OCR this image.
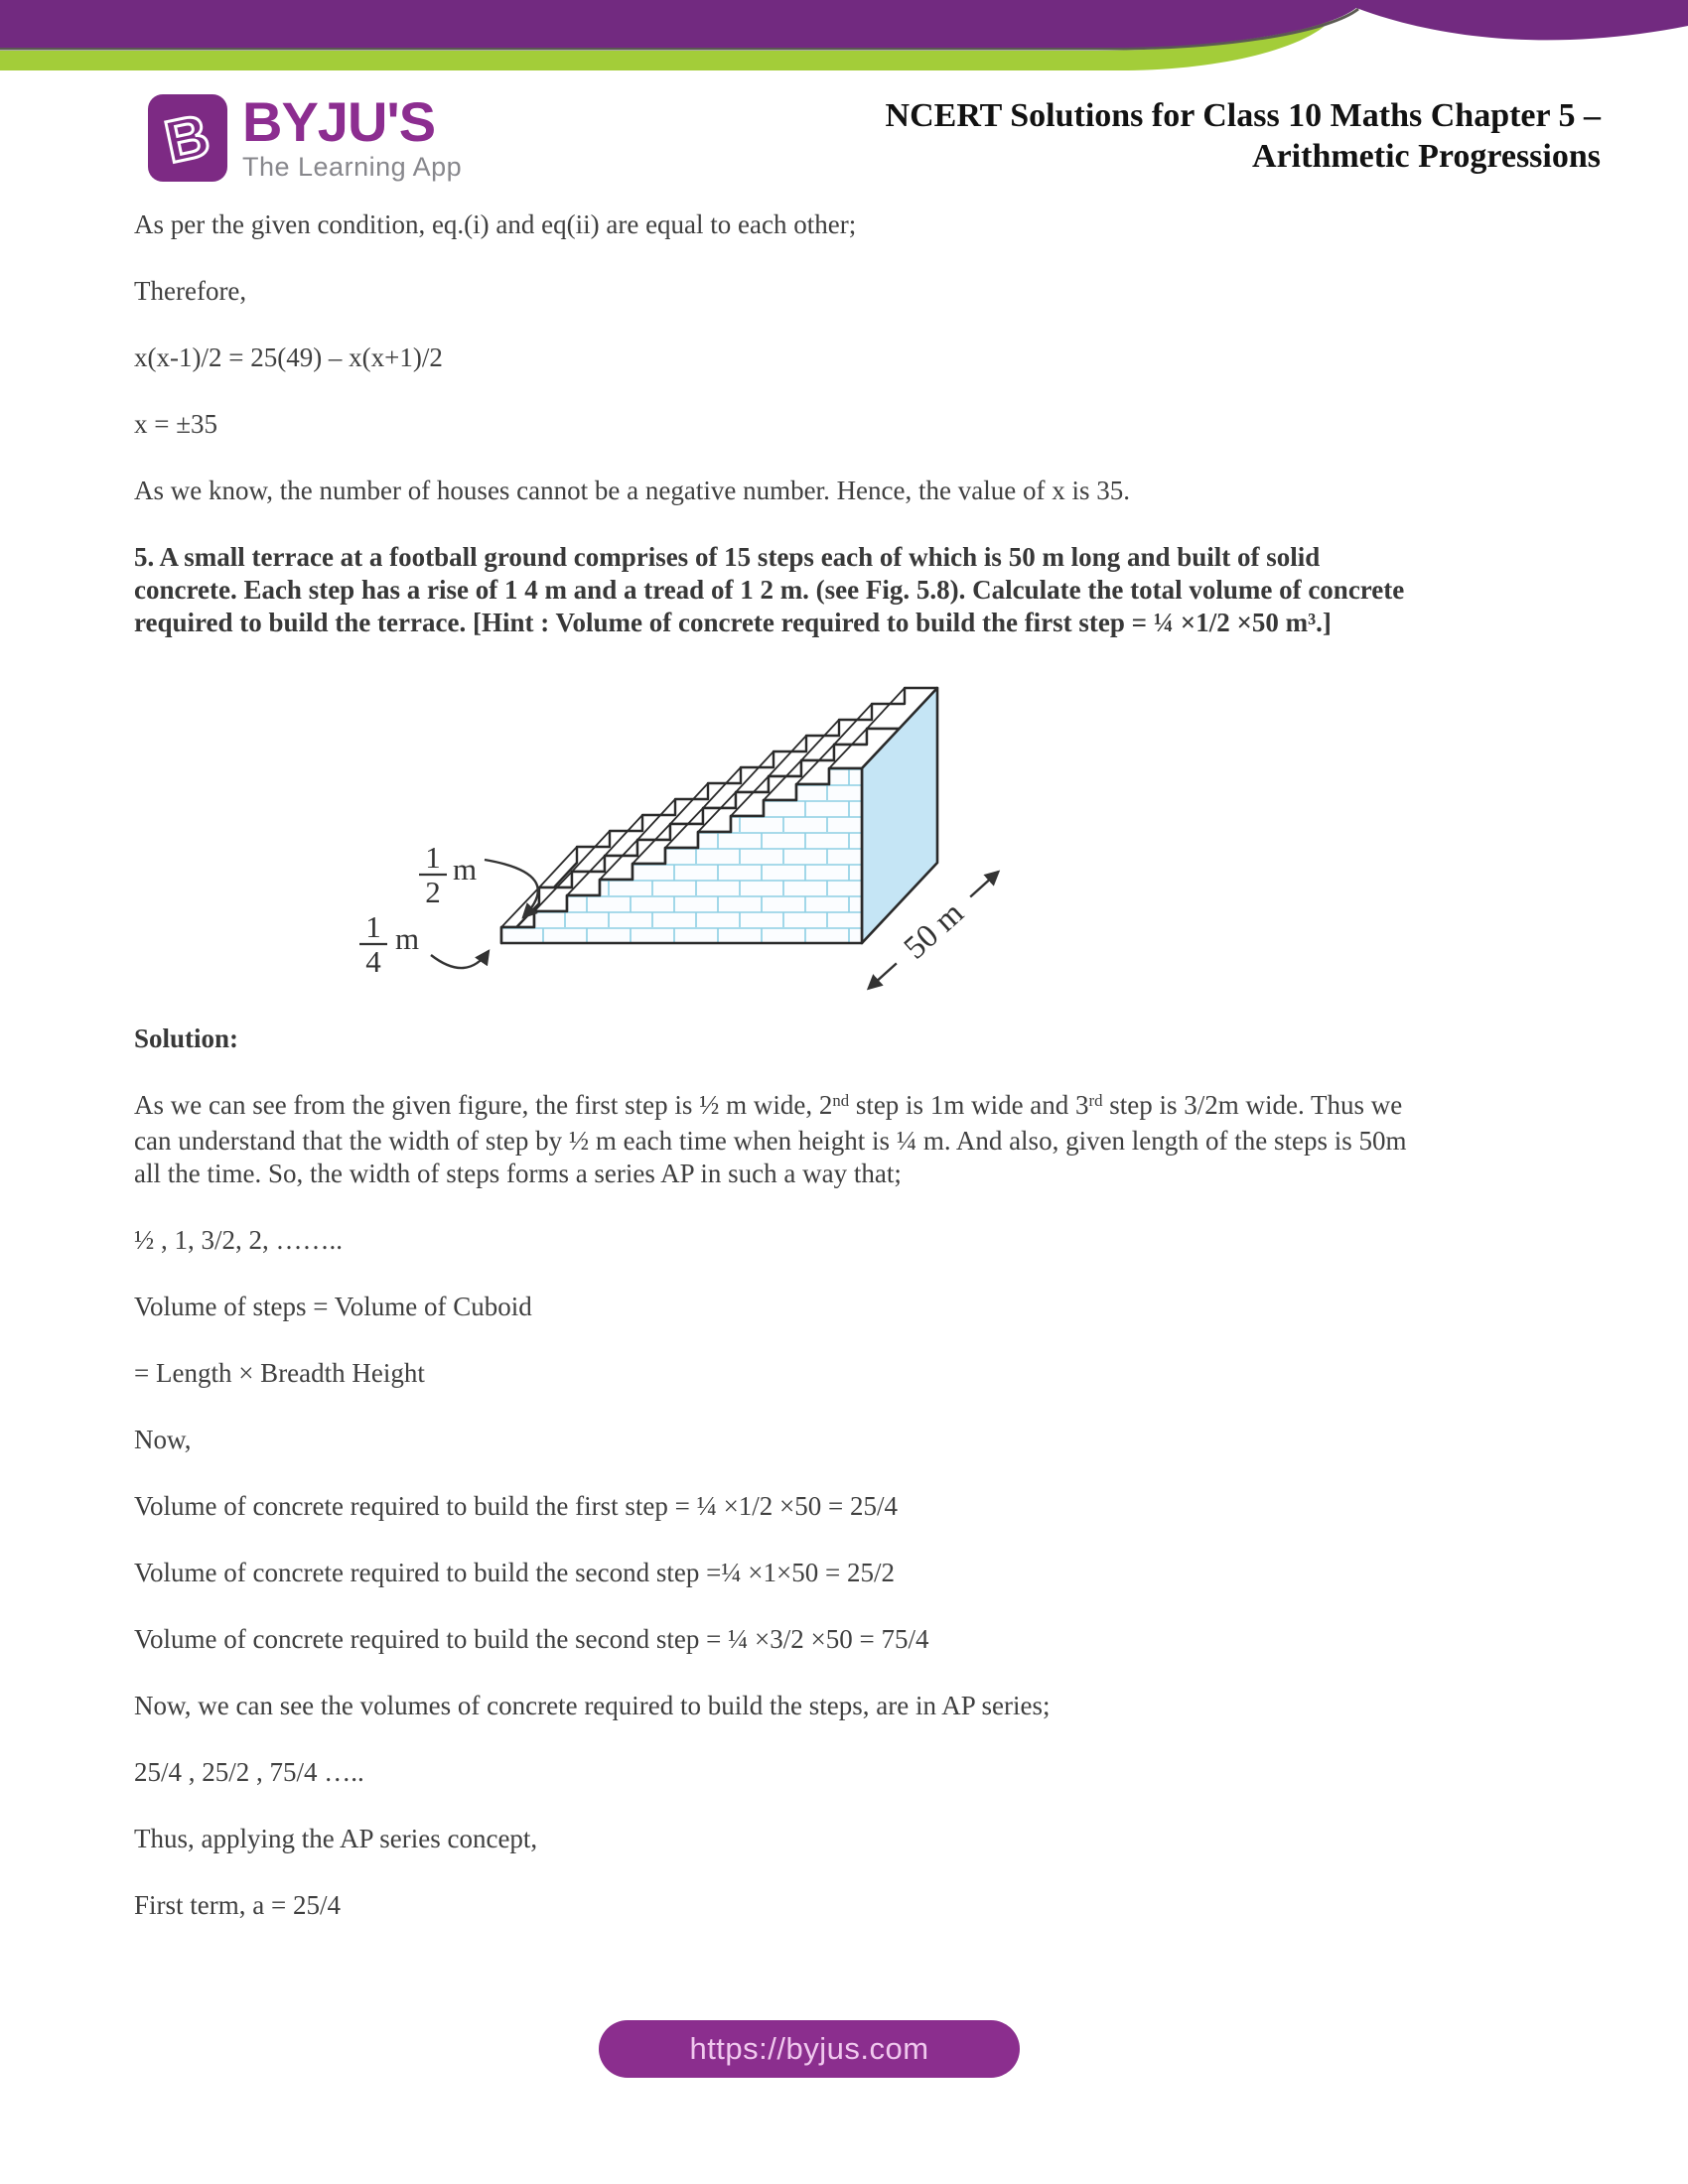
B BYJU'S
The Learning App
NCERT Solutions for Class 10 Maths Chapter 5 –
Arithmetic Progressions

As per the given condition, eq.(i) and eq(ii) are equal to each other;

Therefore,

x(x-1)/2 = 25(49) – x(x+1)/2

x = ±35

As we know, the number of houses cannot be a negative number. Hence, the value of x is 35.

5. A small terrace at a football ground comprises of 15 steps each of which is 50 m long and built of solid
concrete. Each step has a rise of 1 4 m and a tread of 1 2 m. (see Fig. 5.8). Calculate the total volume of concrete
required to build the terrace. [Hint : Volume of concrete required to build the first step = ¼ ×1/2 ×50 m³.]

1
2
m
1
4
m	50 m

Solution:

As we can see from the given figure, the first step is ½ m wide, 2nd step is 1m wide and 3rd step is 3/2m wide. Thus we
can understand that the width of step by ½ m each time when height is ¼ m. And also, given length of the steps is 50m
all the time. So, the width of steps forms a series AP in such a way that;

½ , 1, 3/2, 2, ……..

Volume of steps = Volume of Cuboid

= Length × Breadth Height

Now,

Volume of concrete required to build the first step = ¼ ×1/2 ×50 = 25/4

Volume of concrete required to build the second step =¼ ×1×50 = 25/2

Volume of concrete required to build the second step = ¼ ×3/2 ×50 = 75/4

Now, we can see the volumes of concrete required to build the steps, are in AP series;

25/4 , 25/2 , 75/4 …..

Thus, applying the AP series concept,

First term, a = 25/4

https://byjus.com
